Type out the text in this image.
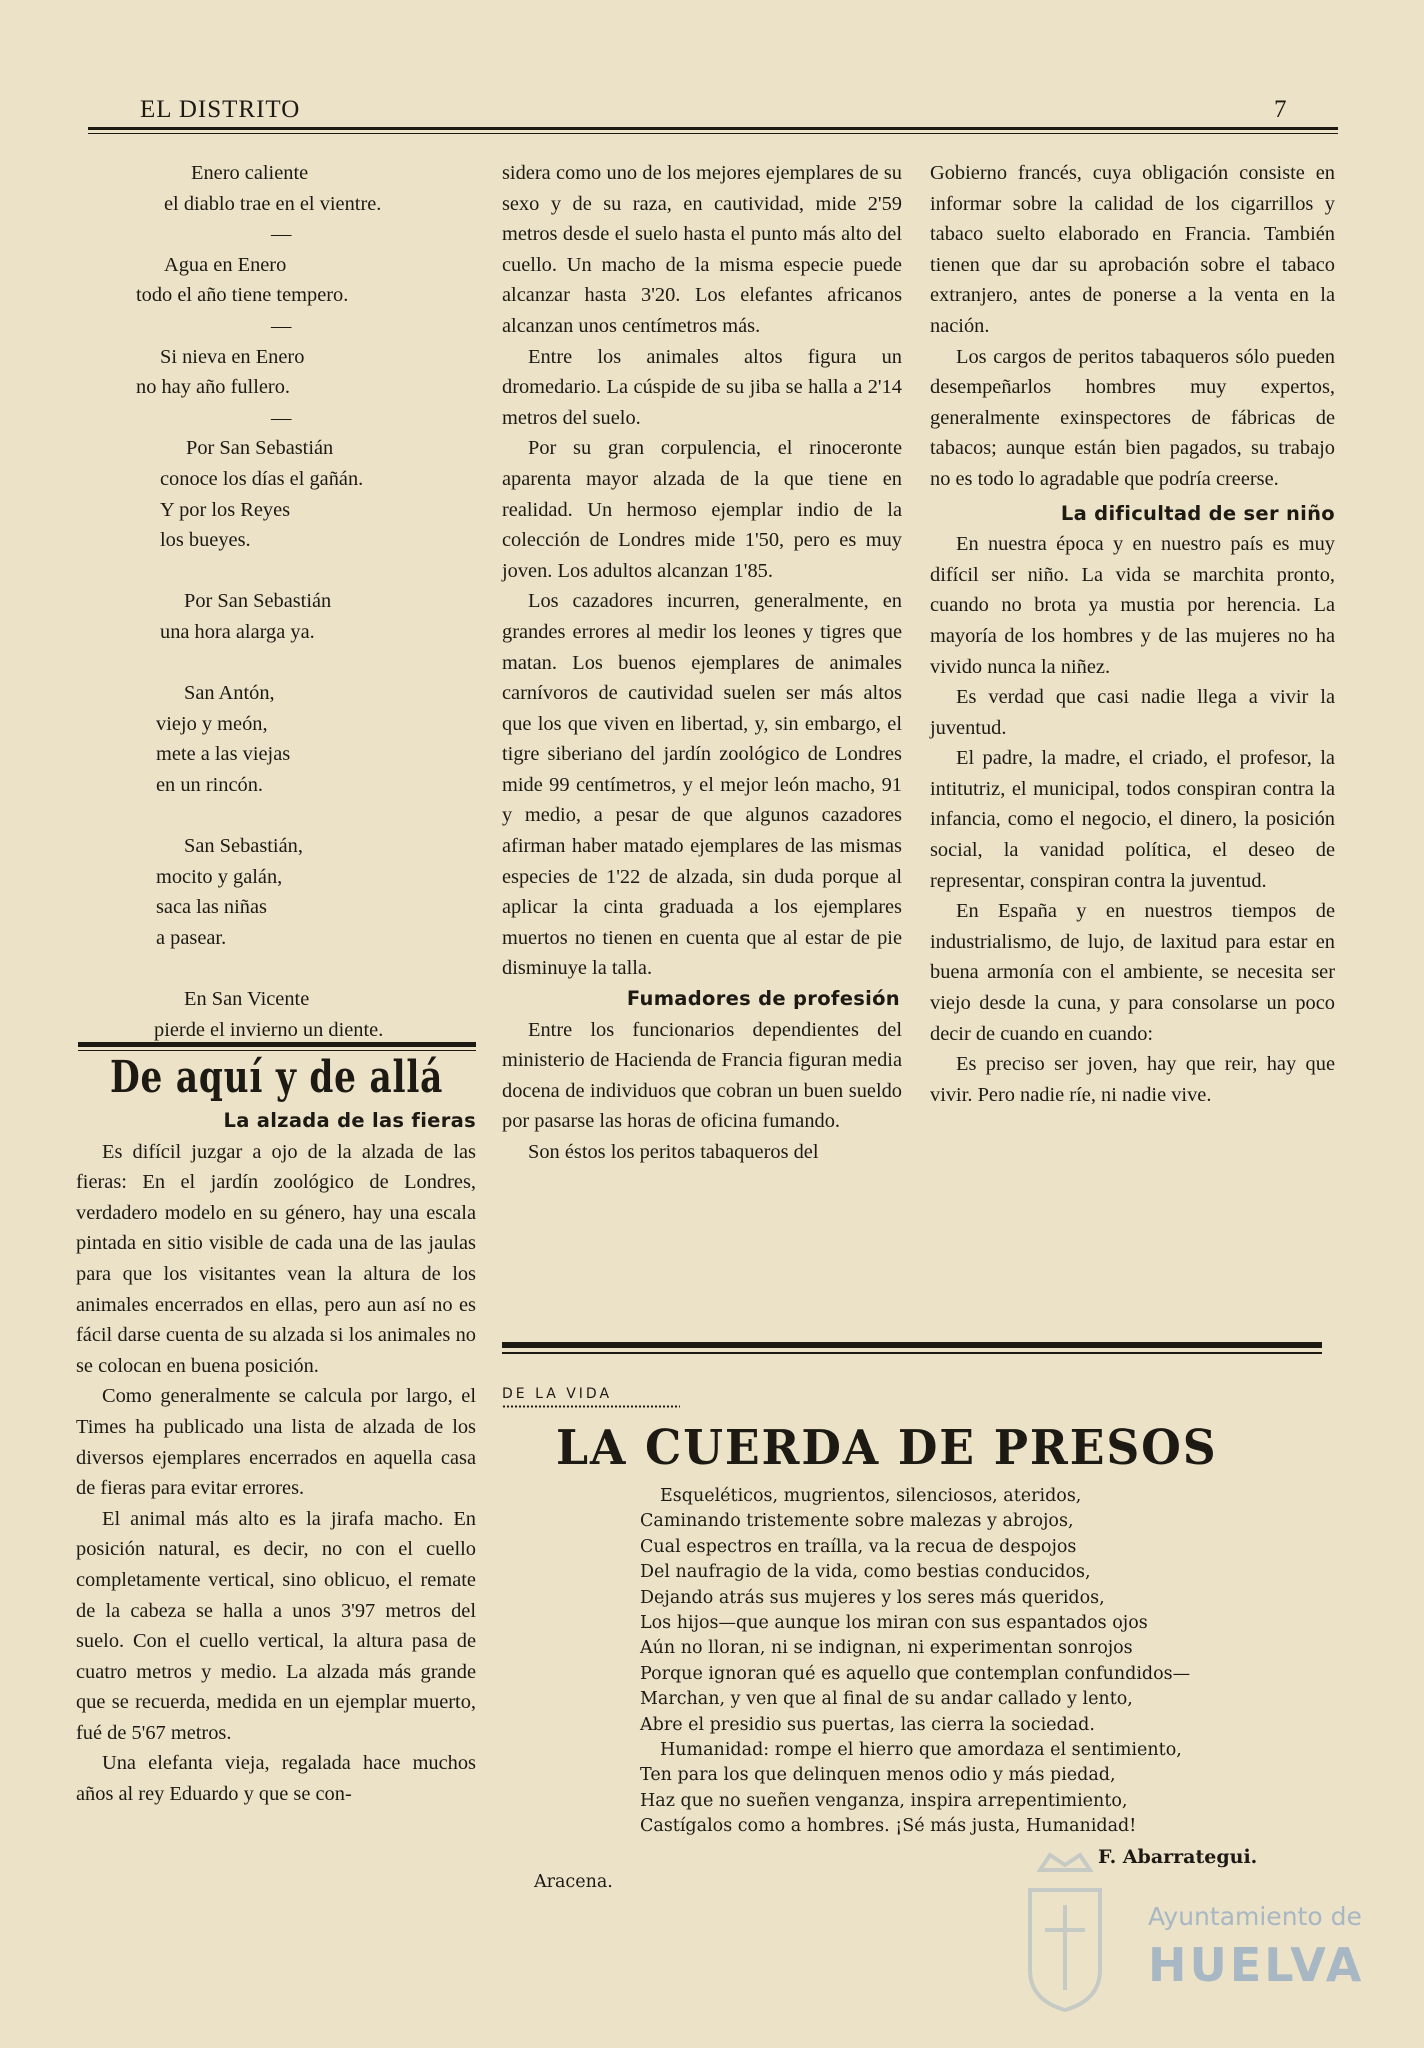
EL DISTRITO	7
Enero caliente
el diablo trae en el vientre.
—
Agua en Enero
todo el año tiene tempero.
—
Si nieva en Enero
no hay año fullero.
—
Por San Sebastián
conoce los días el gañán.
Y por los Reyes
los bueyes.
Por San Sebastián
una hora alarga ya.
San Antón,
viejo y meón,
mete a las viejas
en un rincón.
San Sebastián,
mocito y galán,
saca las niñas
a pasear.
En San Vicente
pierde el invierno un diente.
De aquí y de allá
La alzada de las fieras

Es difícil juzgar a ojo de la alzada de las fieras: En el jardín zoológico de Londres, verdadero modelo en su género, hay una escala pintada en sitio visible de cada una de las jaulas para que los visitantes vean la altura de los animales encerrados en ellas, pero aun así no es fácil darse cuenta de su alzada si los animales no se colocan en buena posición.

Como generalmente se calcula por largo, el Times ha publicado una lista de alzada de los diversos ejemplares encerrados en aquella casa de fieras para evitar errores.

El animal más alto es la jirafa macho. En posición natural, es decir, no con el cuello completamente vertical, sino oblicuo, el remate de la cabeza se halla a unos 3'97 metros del suelo. Con el cuello vertical, la altura pasa de cuatro metros y medio. La alzada más grande que se recuerda, medida en un ejemplar muerto, fué de 5'67 metros.

Una elefanta vieja, regalada hace muchos años al rey Eduardo y que se con-

sidera como uno de los mejores ejemplares de su sexo y de su raza, en cautividad, mide 2'59 metros desde el suelo hasta el punto más alto del cuello. Un macho de la misma especie puede alcanzar hasta 3'20. Los elefantes africanos alcanzan unos centímetros más.

Entre los animales altos figura un dromedario. La cúspide de su jiba se halla a 2'14 metros del suelo.

Por su gran corpulencia, el rinoceronte aparenta mayor alzada de la que tiene en realidad. Un hermoso ejemplar indio de la colección de Londres mide 1'50, pero es muy joven. Los adultos alcanzan 1'85.

Los cazadores incurren, generalmente, en grandes errores al medir los leones y tigres que matan. Los buenos ejemplares de animales carnívoros de cautividad suelen ser más altos que los que viven en libertad, y, sin embargo, el tigre siberiano del jardín zoológico de Londres mide 99 centímetros, y el mejor león macho, 91 y medio, a pesar de que algunos cazadores afirman haber matado ejemplares de las mismas especies de 1'22 de alzada, sin duda porque al aplicar la cinta graduada a los ejemplares muertos no tienen en cuenta que al estar de pie disminuye la talla.

Fumadores de profesión

Entre los funcionarios dependientes del ministerio de Hacienda de Francia figuran media docena de individuos que cobran un buen sueldo por pasarse las horas de oficina fumando.

Son éstos los peritos tabaqueros del

Gobierno francés, cuya obligación consiste en informar sobre la calidad de los cigarrillos y tabaco suelto elaborado en Francia. También tienen que dar su aprobación sobre el tabaco extranjero, antes de ponerse a la venta en la nación.

Los cargos de peritos tabaqueros sólo pueden desempeñarlos hombres muy expertos, generalmente exinspectores de fábricas de tabacos; aunque están bien pagados, su trabajo no es todo lo agradable que podría creerse.

La dificultad de ser niño

En nuestra época y en nuestro país es muy difícil ser niño. La vida se marchita pronto, cuando no brota ya mustia por herencia. La mayoría de los hombres y de las mujeres no ha vivido nunca la niñez.

Es verdad que casi nadie llega a vivir la juventud.

El padre, la madre, el criado, el profesor, la intitutriz, el municipal, todos conspiran contra la infancia, como el negocio, el dinero, la posición social, la vanidad política, el deseo de representar, conspiran contra la juventud.

En España y en nuestros tiempos de industrialismo, de lujo, de laxitud para estar en buena armonía con el ambiente, se necesita ser viejo desde la cuna, y para consolarse un poco decir de cuando en cuando:

Es preciso ser joven, hay que reir, hay que vivir. Pero nadie ríe, ni nadie vive.

DE LA VIDA
LA CUERDA DE PRESOS
Esqueléticos, mugrientos, silenciosos, ateridos,
Caminando tristemente sobre malezas y abrojos,
Cual espectros en traílla, va la recua de despojos
Del naufragio de la vida, como bestias conducidos,
Dejando atrás sus mujeres y los seres más queridos,
Los hijos—que aunque los miran con sus espantados ojos
Aún no lloran, ni se indignan, ni experimentan sonrojos
Porque ignoran qué es aquello que contemplan confundidos—
Marchan, y ven que al final de su andar callado y lento,
Abre el presidio sus puertas, las cierra la sociedad.
Humanidad: rompe el hierro que amordaza el sentimiento,
Ten para los que delinquen menos odio y más piedad,
Haz que no sueñen venganza, inspira arrepentimiento,
Castígalos como a hombres. ¡Sé más justa, Humanidad!
Ayuntamiento de
HUELVA
F. Abarrategui.
Aracena.
